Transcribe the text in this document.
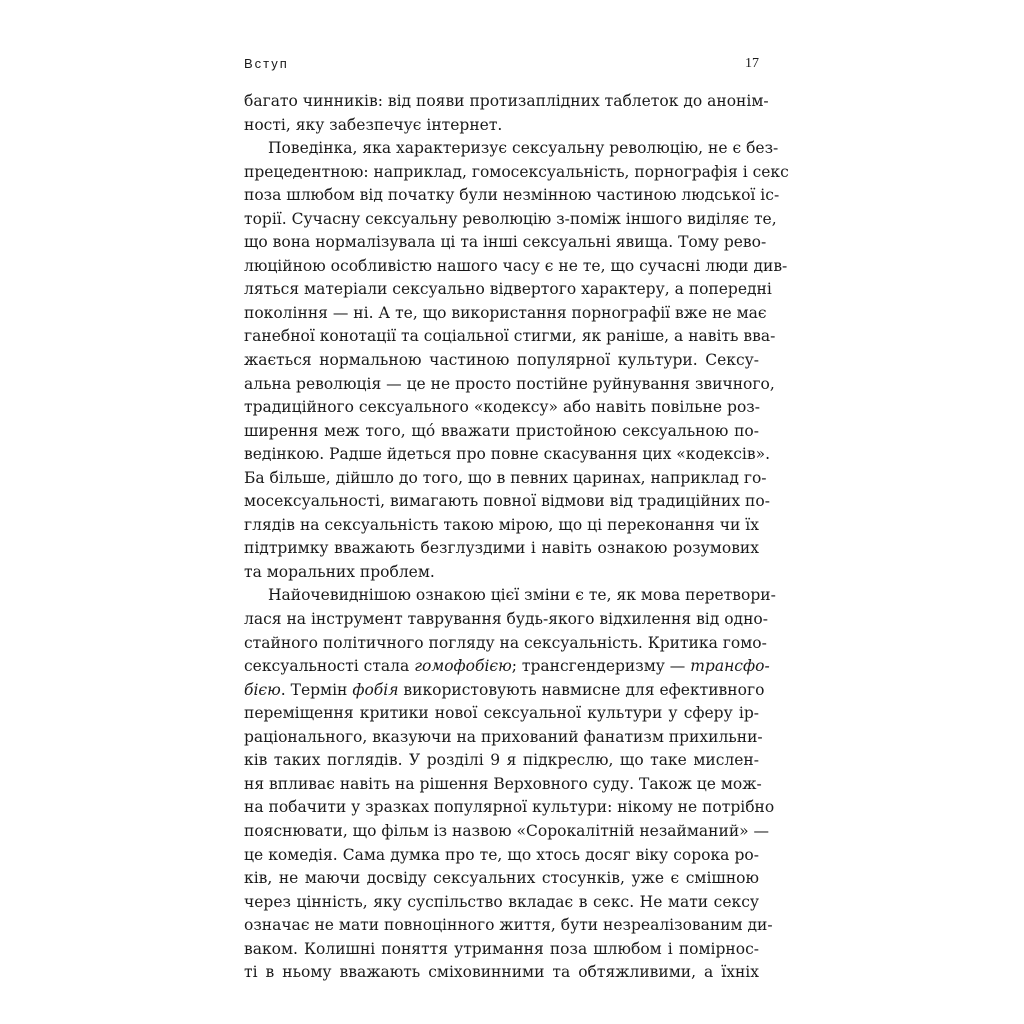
Вступ	17
багато чинників: від появи протизаплідних таблеток до анонім-
ності, яку забезпечує інтернет.
Поведінка, яка характеризує сексуальну революцію, не є без-
прецедентною: наприклад, гомосексуальність, порнографія і секс
поза шлюбом від початку були незмінною частиною людської іс-
торії. Сучасну сексуальну революцію з-поміж іншого виділяє те,
що вона нормалізувала ці та інші сексуальні явища. Тому рево-
люційною особливістю нашого часу є не те, що сучасні люди див-
ляться матеріали сексуально відвертого характеру, а попередні
покоління — ні. А те, що використання порнографії вже не має
ганебної конотації та соціальної стигми, як раніше, а навіть вва-
жається нормальною частиною популярної культури. Сексу-
альна революція — це не просто постійне руйнування звичного,
традиційного сексуального «кодексу» або навіть повільне роз-
ширення меж того, що́ вважати пристойною сексуальною по-
ведінкою. Радше йдеться про повне скасування цих «кодексів».
Ба більше, дійшло до того, що в певних царинах, наприклад го-
мосексуальності, вимагають повної відмови від традиційних по-
глядів на сексуальність такою мірою, що ці переконання чи їх
підтримку вважають безглуздими і навіть ознакою розумових
та моральних проблем.
Найочевиднішою ознакою цієї зміни є те, як мова перетвори-
лася на інструмент таврування будь-якого відхилення від одно-
стайного політичного погляду на сексуальність. Критика гомо-
сексуальності стала гомофобією; трансгендеризму — трансфо-
бією. Термін фобія використовують навмисне для ефективного
переміщення критики нової сексуальної культури у сферу ір-
раціонального, вказуючи на прихований фанатизм прихильни-
ків таких поглядів. У розділі 9 я підкреслю, що таке мислен-
ня впливає навіть на рішення Верховного суду. Також це мож-
на побачити у зразках популярної культури: нікому не потрібно
пояснювати, що фільм із назвою «Сорокалітній незайманий» —
це комедія. Сама думка про те, що хтось досяг віку сорока ро-
ків, не маючи досвіду сексуальних стосунків, уже є смішною
через цінність, яку суспільство вкладає в секс. Не мати сексу
означає не мати повноцінного життя, бути незреалізованим ди-
ваком. Колишні поняття утримання поза шлюбом і помірнос-
ті в ньому вважають сміховинними та обтяжливими, а їхніх
